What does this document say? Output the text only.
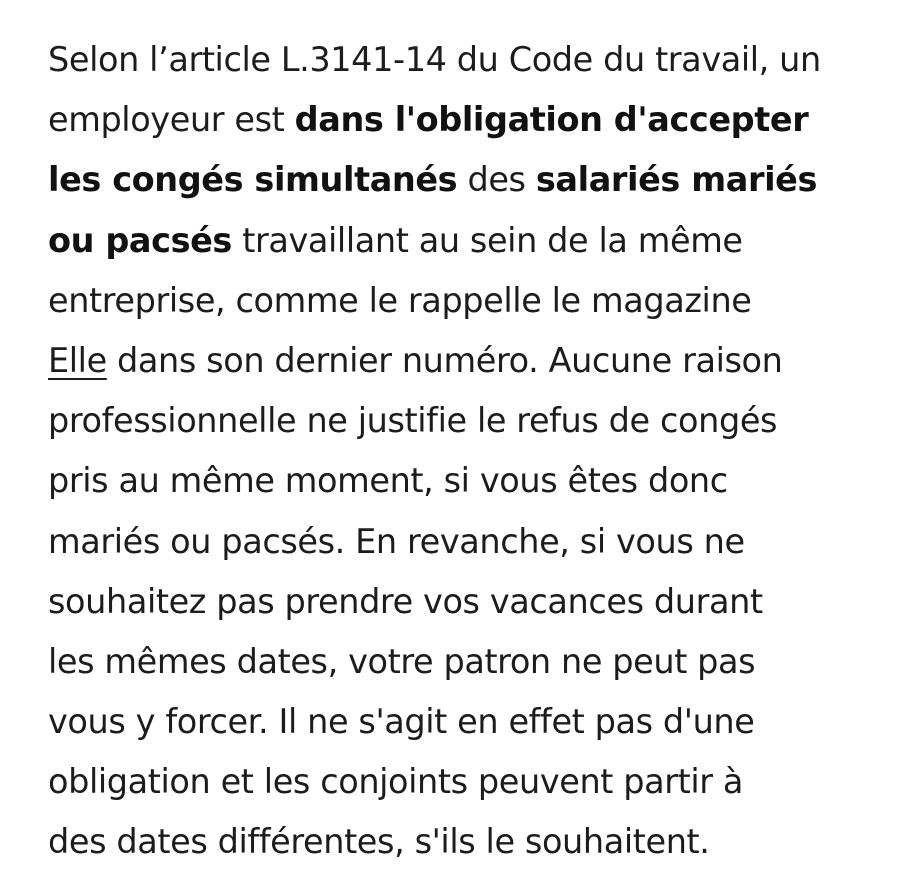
Selon l’article L.3141-14 du Code du travail, un
employeur est dans l'obligation d'accepter
les congés simultanés des salariés mariés
ou pacsés travaillant au sein de la même
entreprise, comme le rappelle le magazine
Elle dans son dernier numéro. Aucune raison
professionnelle ne justifie le refus de congés
pris au même moment, si vous êtes donc
mariés ou pacsés. En revanche, si vous ne
souhaitez pas prendre vos vacances durant
les mêmes dates, votre patron ne peut pas
vous y forcer. Il ne s'agit en effet pas d'une
obligation et les conjoints peuvent partir à
des dates différentes, s'ils le souhaitent.
